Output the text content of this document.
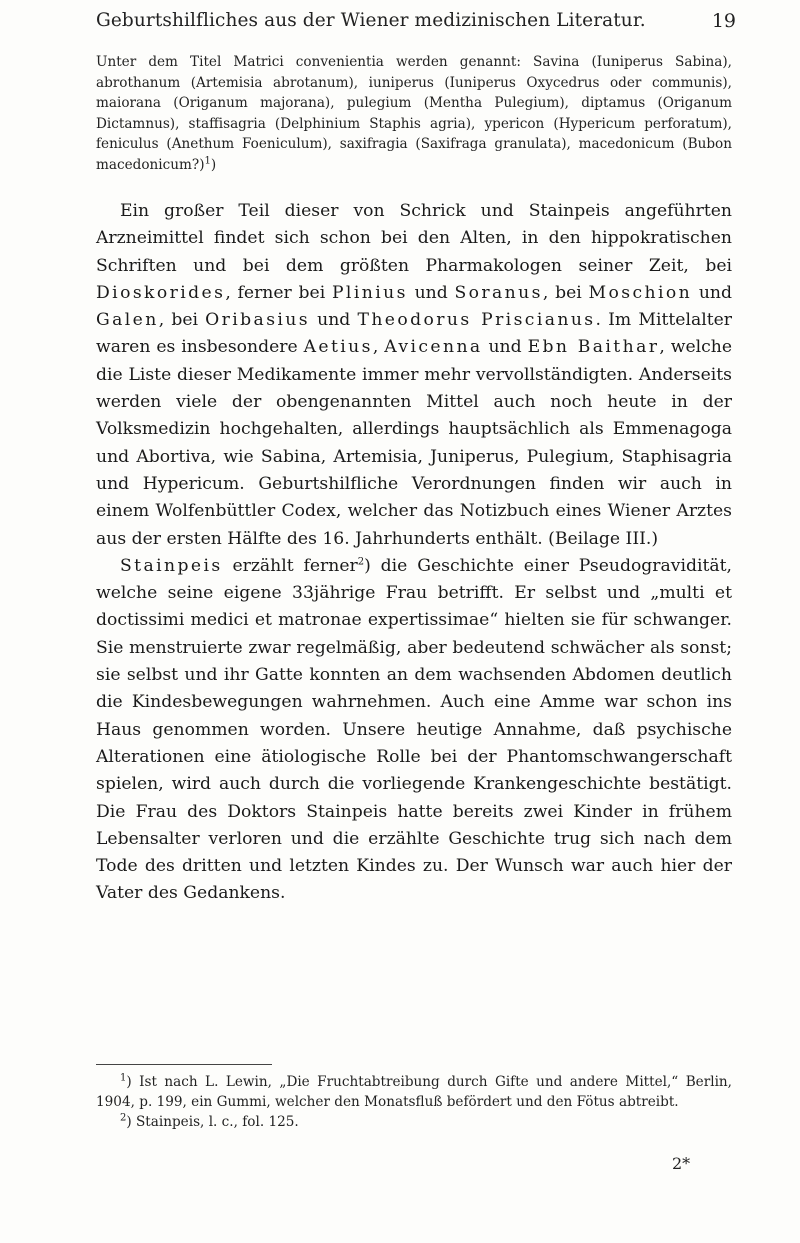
Geburtshilfliches aus der Wiener medizinischen Literatur.	19

Unter dem Titel Matrici convenientia werden genannt: Savina (Iuniperus Sabina), abrothanum (Artemisia abrotanum), iuniperus (Iuniperus Oxycedrus oder communis), maiorana (Origanum majorana), pulegium (Mentha Pulegium), diptamus (Origanum Dictamnus), staffisagria (Delphinium Staphis agria), ypericon (Hypericum perforatum), feniculus (Anethum Foeniculum), saxifragia (Saxifraga granulata), macedonicum (Bubon macedonicum?)$^1$)

Ein großer Teil dieser von Schrick und Stainpeis angeführten Arzneimittel findet sich schon bei den Alten, in den hippokratischen Schriften und bei dem größten Pharmakologen seiner Zeit, bei Dioskorides, ferner bei Plinius und Soranus, bei Moschion und Galen, bei Oribasius und Theodorus Priscianus. Im Mittelalter waren es insbesondere Aetius, Avicenna und Ebn Baithar, welche die Liste dieser Medikamente immer mehr vervollständigten. Anderseits werden viele der obengenannten Mittel auch noch heute in der Volksmedizin hochgehalten, allerdings hauptsächlich als Emmenagoga und Abortiva, wie Sabina, Artemisia, Juniperus, Pulegium, Staphisagria und Hypericum. Geburtshilfliche Verordnungen finden wir auch in einem Wolfenbüttler Codex, welcher das Notizbuch eines Wiener Arztes aus der ersten Hälfte des 16. Jahrhunderts enthält. (Beilage III.)

Stainpeis erzählt ferner$^2$) die Geschichte einer Pseudogravidität, welche seine eigene 33jährige Frau betrifft. Er selbst und „multi et doctissimi medici et matronae expertissimae“ hielten sie für schwanger. Sie menstruierte zwar regelmäßig, aber bedeutend schwächer als sonst; sie selbst und ihr Gatte konnten an dem wachsenden Abdomen deutlich die Kindesbewegungen wahrnehmen. Auch eine Amme war schon ins Haus genommen worden. Unsere heutige Annahme, daß psychische Alterationen eine ätiologische Rolle bei der Phantomschwangerschaft spielen, wird auch durch die vorliegende Krankengeschichte bestätigt. Die Frau des Doktors Stainpeis hatte bereits zwei Kinder in frühem Lebensalter verloren und die erzählte Geschichte trug sich nach dem Tode des dritten und letzten Kindes zu. Der Wunsch war auch hier der Vater des Gedankens.

$^1$) Ist nach L. Lewin, „Die Fruchtabtreibung durch Gifte und andere Mittel,“ Berlin, 1904, p. 199, ein Gummi, welcher den Monatsfluß befördert und den Fötus abtreibt.

$^2$) Stainpeis, l. c., fol. 125.

2*
